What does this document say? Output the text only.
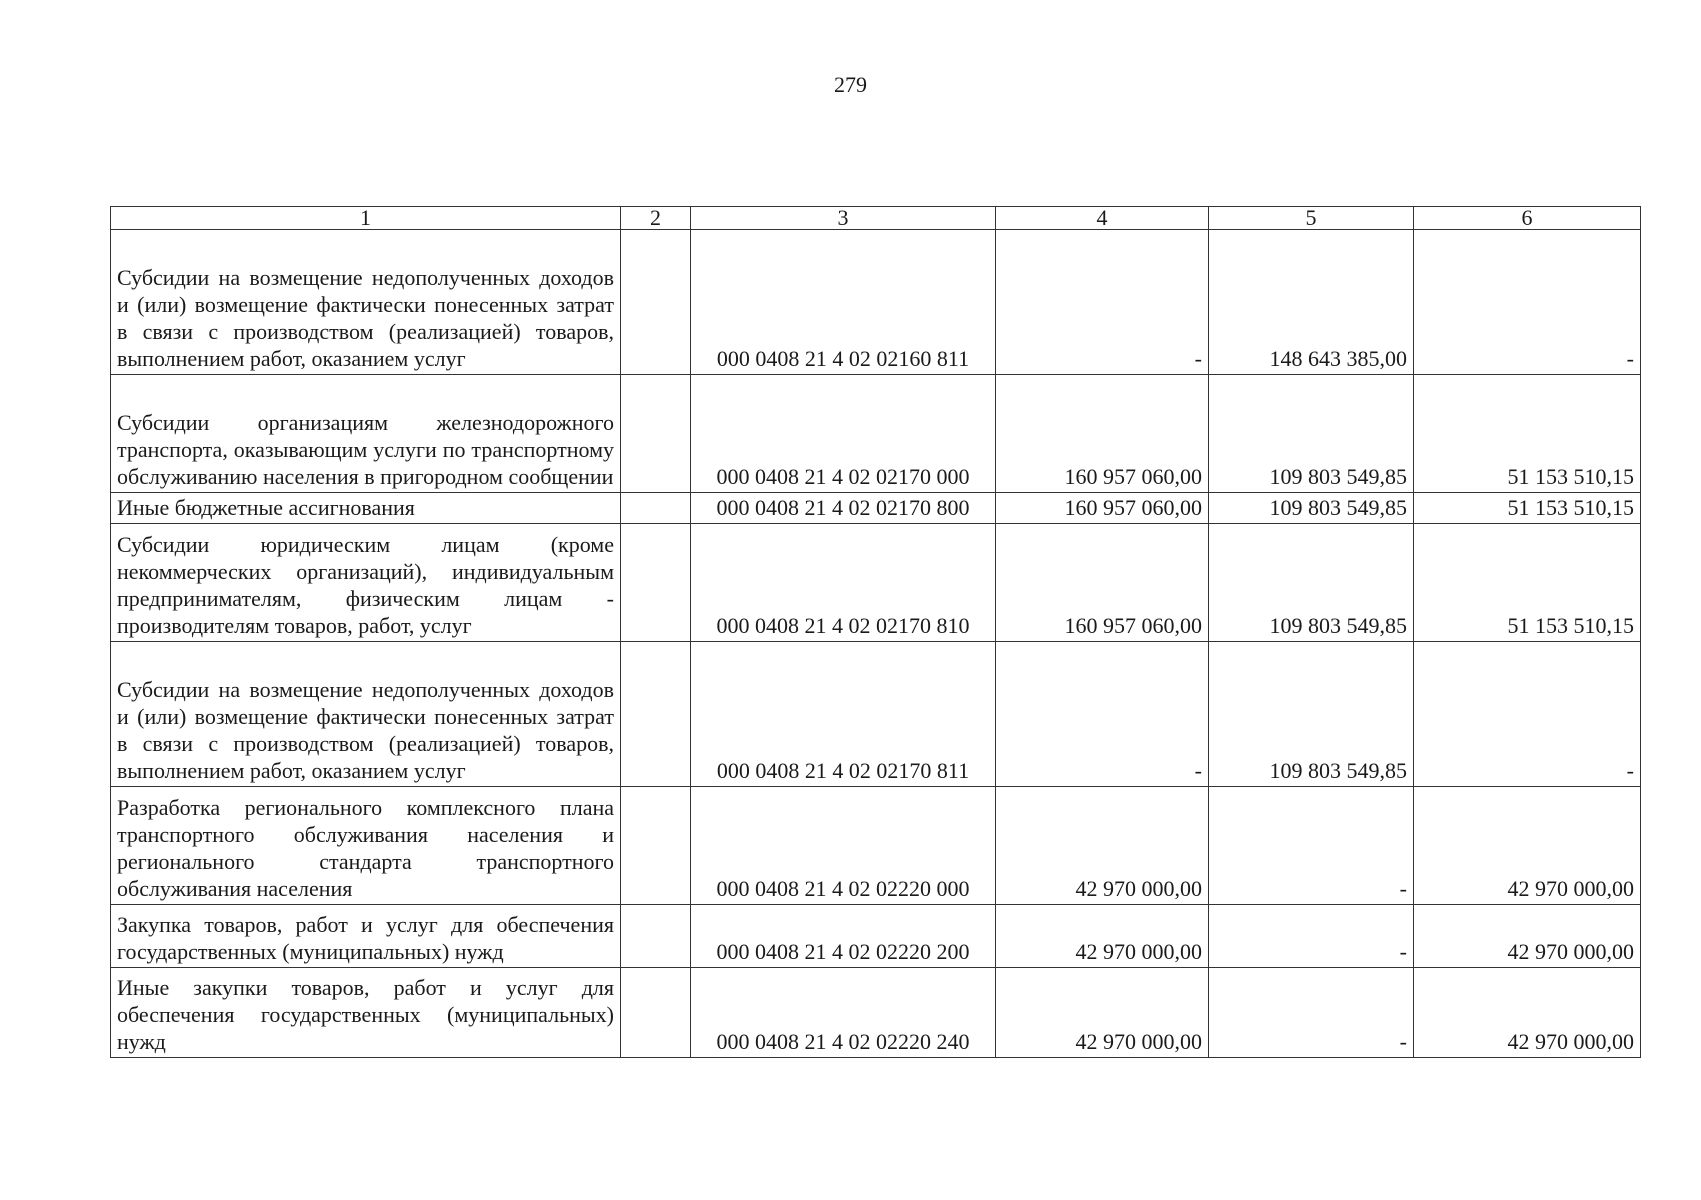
279
1	2	3	4	5	6
Субсидии на возмещение недополученных доходов и (или) возмещение фактически понесенных затрат в связи с производством (реализацией) товаров, выполнением работ, оказанием услуг		000 0408 21 4 02 02160 811	-	148 643 385,00	-
Субсидии организациям железнодорожного транспорта, оказывающим услуги по транспортному обслуживанию населения в пригородном сообщении		000 0408 21 4 02 02170 000	160 957 060,00	109 803 549,85	51 153 510,15
Иные бюджетные ассигнования		000 0408 21 4 02 02170 800	160 957 060,00	109 803 549,85	51 153 510,15
Субсидии юридическим лицам (кроме некоммерческих организаций), индивидуальным предпринимателям, физическим лицам - производителям товаров, работ, услуг		000 0408 21 4 02 02170 810	160 957 060,00	109 803 549,85	51 153 510,15
Субсидии на возмещение недополученных доходов и (или) возмещение фактически понесенных затрат в связи с производством (реализацией) товаров, выполнением работ, оказанием услуг		000 0408 21 4 02 02170 811	-	109 803 549,85	-
Разработка регионального комплексного плана транспортного обслуживания населения и регионального стандарта транспортного обслуживания населения		000 0408 21 4 02 02220 000	42 970 000,00	-	42 970 000,00
Закупка товаров, работ и услуг для обеспечения государственных (муниципальных) нужд		000 0408 21 4 02 02220 200	42 970 000,00	-	42 970 000,00
Иные закупки товаров, работ и услуг для обеспечения государственных (муниципальных) нужд		000 0408 21 4 02 02220 240	42 970 000,00	-	42 970 000,00
